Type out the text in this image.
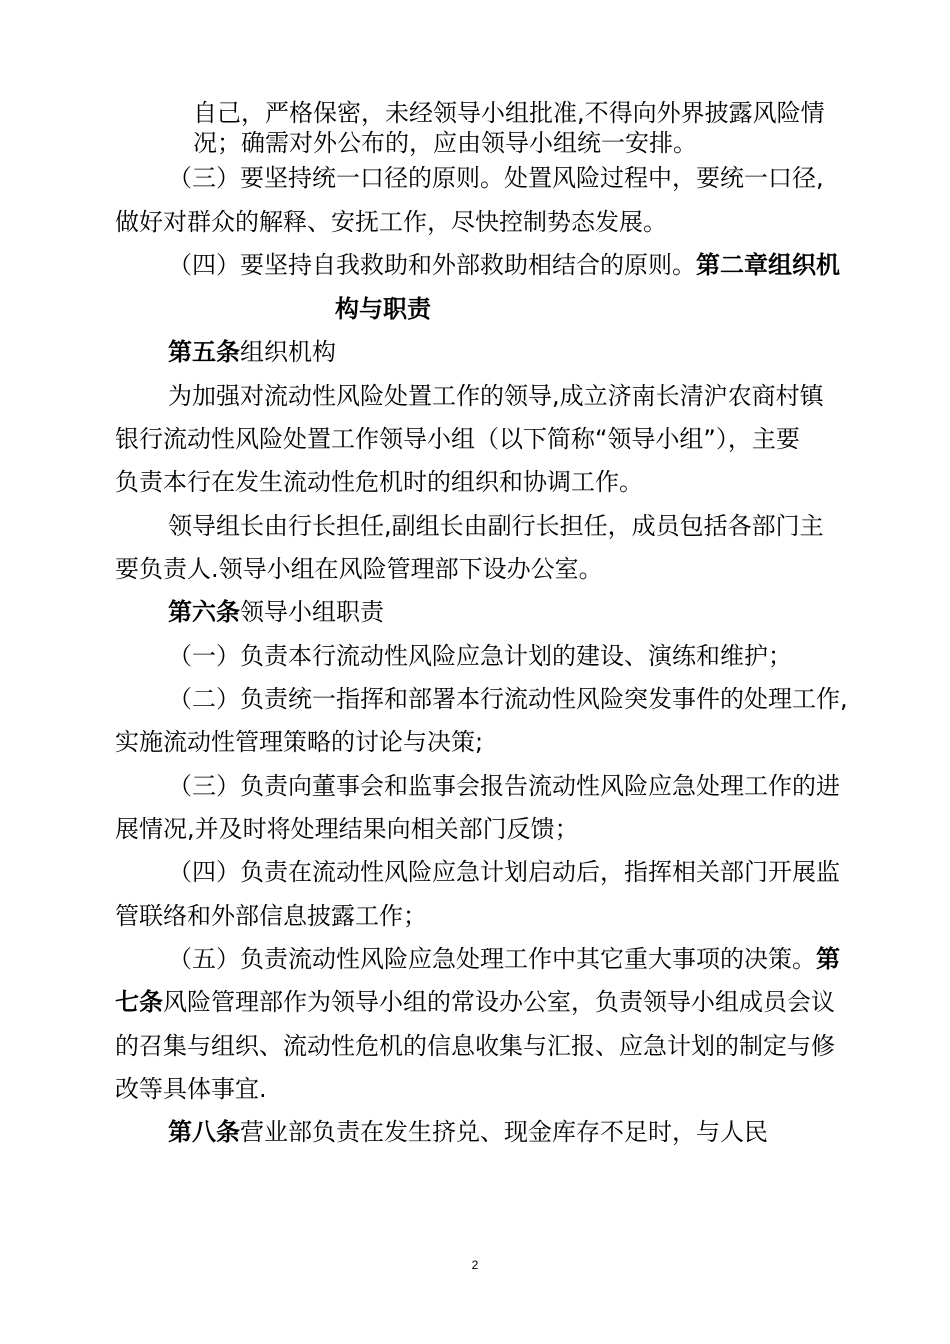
自己，严格保密，未经领导小组批准,不得向外界披露风险情
况；确需对外公布的，应由领导小组统一安排。
（三）要坚持统一口径的原则。处置风险过程中，要统一口径,
做好对群众的解释、安抚工作，尽快控制势态发展。
（四）要坚持自我救助和外部救助相结合的原则。第二章组织机
构与职责
第五条组织机构
为加强对流动性风险处置工作的领导,成立济南长清沪农商村镇
银行流动性风险处置工作领导小组（以下简称“领导小组”），主要
负责本行在发生流动性危机时的组织和协调工作。
领导组长由行长担任,副组长由副行长担任，成员包括各部门主
要负责人.领导小组在风险管理部下设办公室。
第六条领导小组职责
（一）负责本行流动性风险应急计划的建设、演练和维护；
（二）负责统一指挥和部署本行流动性风险突发事件的处理工作,
实施流动性管理策略的讨论与决策;
（三）负责向董事会和监事会报告流动性风险应急处理工作的进
展情况,并及时将处理结果向相关部门反馈；
（四）负责在流动性风险应急计划启动后，指挥相关部门开展监
管联络和外部信息披露工作；
（五）负责流动性风险应急处理工作中其它重大事项的决策。第
七条风险管理部作为领导小组的常设办公室，负责领导小组成员会议
的召集与组织、流动性危机的信息收集与汇报、应急计划的制定与修
改等具体事宜.
第八条营业部负责在发生挤兑、现金库存不足时，与人民
2
